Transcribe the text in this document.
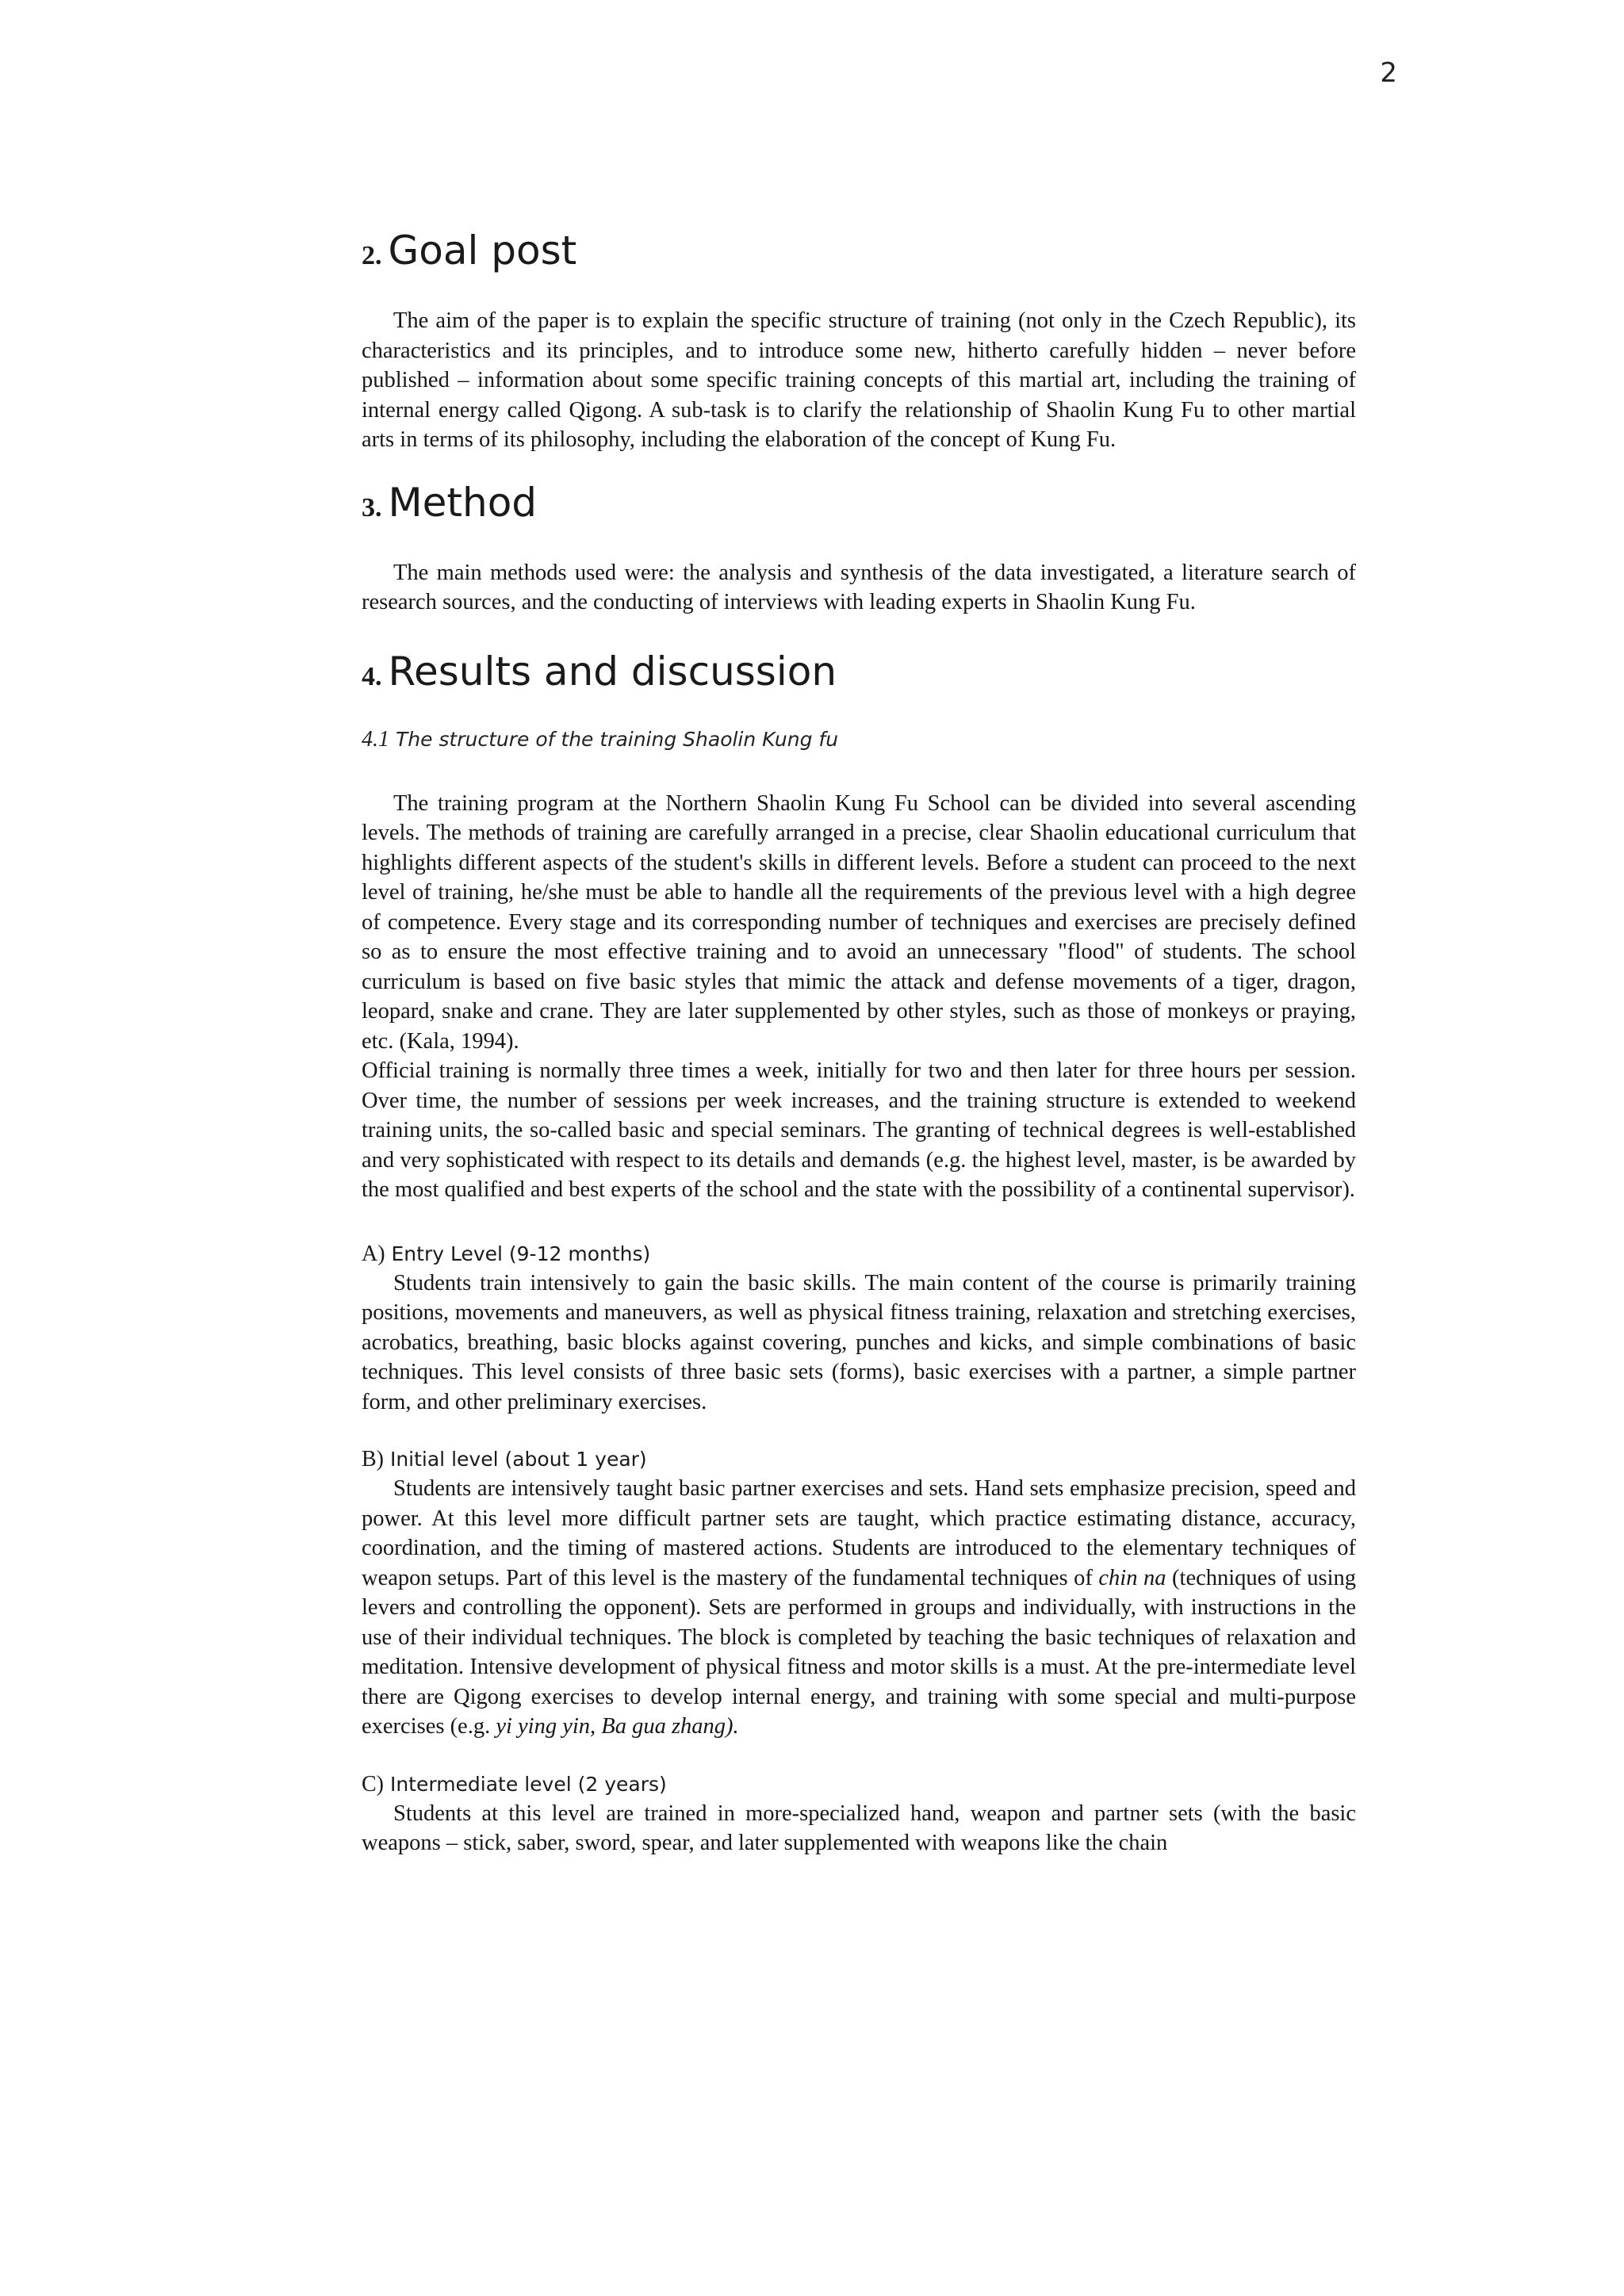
2
2. Goal post

The aim of the paper is to explain the specific structure of training (not only in the Czech Republic), its characteristics and its principles, and to introduce some new, hitherto carefully hidden – never before published – information about some specific training concepts of this martial art, including the training of internal energy called Qigong. A sub-task is to clarify the relationship of Shaolin Kung Fu to other martial arts in terms of its philosophy, including the elaboration of the concept of Kung Fu.

3. Method

The main methods used were: the analysis and synthesis of the data investigated, a literature search of research sources, and the conducting of interviews with leading experts in Shaolin Kung Fu.

4. Results and discussion

4.1 The structure of the training Shaolin Kung fu

The training program at the Northern Shaolin Kung Fu School can be divided into several ascending levels. The methods of training are carefully arranged in a precise, clear Shaolin educational curriculum that highlights different aspects of the student's skills in different levels. Before a student can proceed to the next level of training, he/she must be able to handle all the requirements of the previous level with a high degree of competence. Every stage and its corresponding number of techniques and exercises are precisely defined so as to ensure the most effective training and to avoid an unnecessary "flood" of students. The school curriculum is based on five basic styles that mimic the attack and defense movements of a tiger, dragon, leopard, snake and crane. They are later supplemented by other styles, such as those of monkeys or praying, etc. (Kala, 1994).

Official training is normally three times a week, initially for two and then later for three hours per session. Over time, the number of sessions per week increases, and the training structure is extended to weekend training units, the so-called basic and special seminars. The granting of technical degrees is well-established and very sophisticated with respect to its details and demands (e.g. the highest level, master, is be awarded by the most qualified and best experts of the school and the state with the possibility of a continental supervisor).

A) Entry Level (9-12 months)

Students train intensively to gain the basic skills. The main content of the course is primarily training positions, movements and maneuvers, as well as physical fitness training, relaxation and stretching exercises, acrobatics, breathing, basic blocks against covering, punches and kicks, and simple combinations of basic techniques. This level consists of three basic sets (forms), basic exercises with a partner, a simple partner form, and other preliminary exercises.

B) Initial level (about 1 year)

Students are intensively taught basic partner exercises and sets. Hand sets emphasize precision, speed and power. At this level more difficult partner sets are taught, which practice estimating distance, accuracy, coordination, and the timing of mastered actions. Students are introduced to the elementary techniques of weapon setups. Part of this level is the mastery of the fundamental techniques of chin na (techniques of using levers and controlling the opponent). Sets are performed in groups and individually, with instructions in the use of their individual techniques. The block is completed by teaching the basic techniques of relaxation and meditation. Intensive development of physical fitness and motor skills is a must. At the pre-intermediate level there are Qigong exercises to develop internal energy, and training with some special and multi-purpose exercises (e.g. yi ying yin, Ba gua zhang).

C) Intermediate level (2 years)

Students at this level are trained in more-specialized hand, weapon and partner sets (with the basic weapons – stick, saber, sword, spear, and later supplemented with weapons like the chain
